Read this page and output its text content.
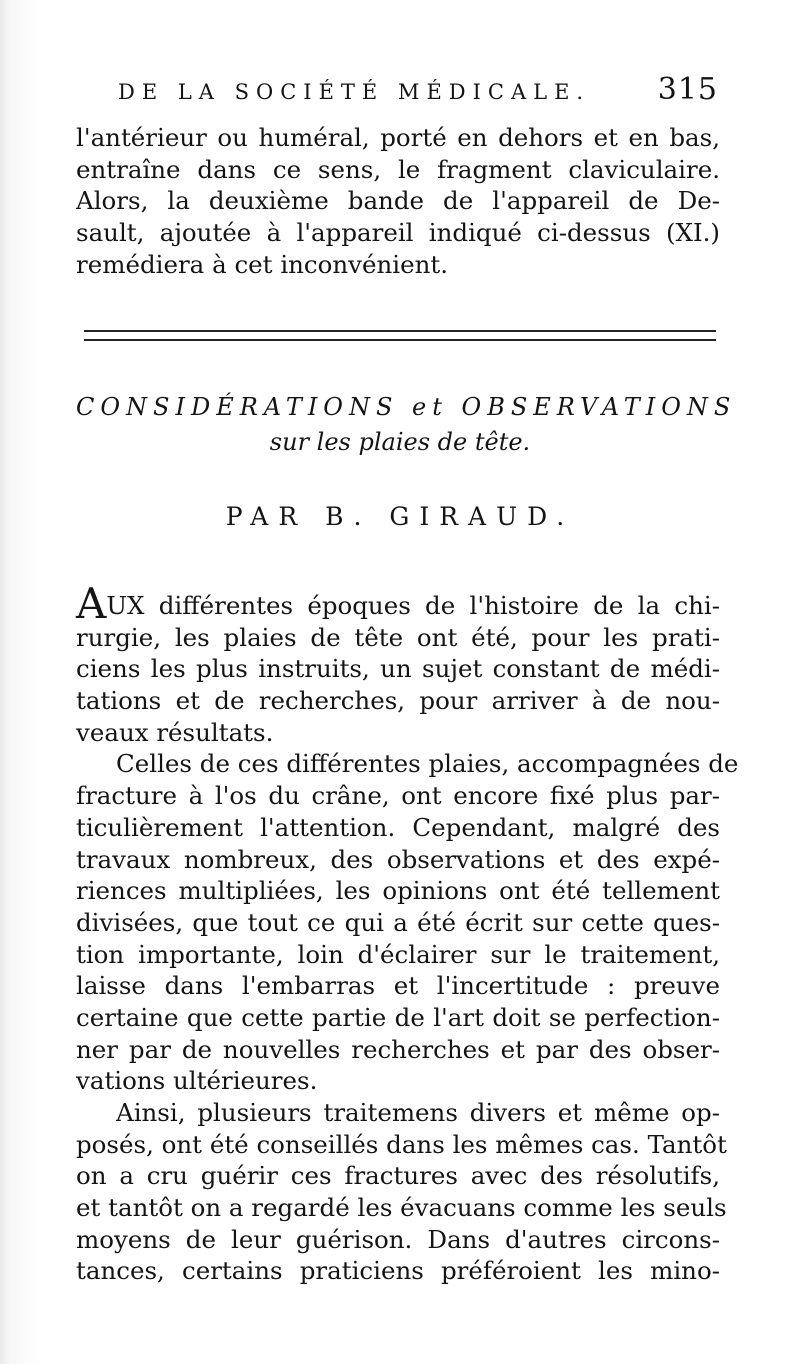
DE LA SOCIÉTÉ MÉDICALE. 315
l'antérieur ou huméral, porté en dehors et en bas,
entraîne dans ce sens, le fragment claviculaire.
Alors, la deuxième bande de l'appareil de De-
sault, ajoutée à l'appareil indiqué ci-dessus (XI.)
remédiera à cet inconvénient.
CONSIDÉRATIONS et OBSERVATIONS
sur les plaies de tête.
PAR B. GIRAUD.
AUX différentes époques de l'histoire de la chi-
rurgie, les plaies de tête ont été, pour les prati-
ciens les plus instruits, un sujet constant de médi-
tations et de recherches, pour arriver à de nou-
veaux résultats.
Celles de ces différentes plaies, accompagnées de
fracture à l'os du crâne, ont encore fixé plus par-
ticulièrement l'attention. Cependant, malgré des
travaux nombreux, des observations et des expé-
riences multipliées, les opinions ont été tellement
divisées, que tout ce qui a été écrit sur cette ques-
tion importante, loin d'éclairer sur le traitement,
laisse dans l'embarras et l'incertitude : preuve
certaine que cette partie de l'art doit se perfection-
ner par de nouvelles recherches et par des obser-
vations ultérieures.
Ainsi, plusieurs traitemens divers et même op-
posés, ont été conseillés dans les mêmes cas. Tantôt
on a cru guérir ces fractures avec des résolutifs,
et tantôt on a regardé les évacuans comme les seuls
moyens de leur guérison. Dans d'autres circons-
tances, certains praticiens préféroient les mino-
